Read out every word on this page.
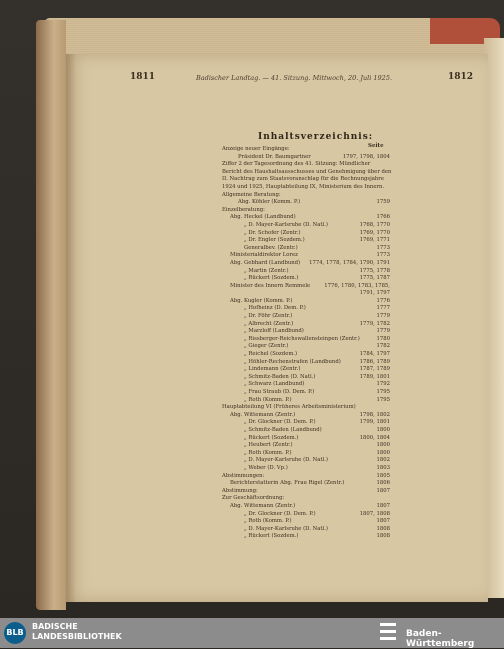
1811	Badischer Landtag. — 41. Sitzung. Mittwoch, 20. Juli 1925.	1812
Inhaltsverzeichnis:
Seite
Anzeige neuer Eingänge:
Präsident Dr. Baumgartner	1797, 1798, 1804
Ziffer 2 der Tagesordnung des 41. Sitzung: Mündlicher
Bericht des Haushaltsausschusses und Genehmigung über den
II. Nachtrag zum Staatsvoranschlag für die Rechnungsjahre
1924 und 1925, Hauptabteilung IX, Ministerium des Innern.
Allgemeine Beratung:
Abg. Köhler (Komm. P.)	1759
Einzelberatung:
Abg. Heckel (Landbund)	1766
„ D. Mayer-Karlsruhe (D. Natl.)	1768, 1770
„ Dr. Schofer (Zentr.)	1769, 1770
„ Dr. Engler (Sozdem.)	1769, 1771
Generalbev. (Zentr.)	1773
Ministerialdirektor Lorez	1773
Abg. Gebhard (Landbund) 1774, 1778, 1784, 1790, 1791
„ Martin (Zentr.)	1775, 1778
„ Rückert (Sozdem.)	1775, 1787
Minister des Innern Remmele	1776, 1780, 1783, 1785,
1791, 1797
Abg. Kugler (Komm. P.)	1776
„ Hofheinz (D. Dem. P.)	1777
„ Dr. Föhr (Zentr.)	1779
„ Albrecht (Zentr.)	1779, 1782
„ Marzloff (Landbund)	1779
„ Rissberger-Reichswallensteinpen (Zentr.)	1780
„ Gieger (Zentr.)	1782
„ Reichel (Sozdem.)	1784, 1797
„ Höhler-Rechenstrafen (Landbund)	1786, 1789
„ Lindemann (Zentr.)	1787, 1789
„ Schmitz-Baden (D. Natl.)	1789, 1801
„ Schwarz (Landbund)	1792
„ Frau Straub (D. Dem. P.)	1795
„ Roth (Komm. P.)	1795
Hauptabteilung VI (Früheres Arbeitsministerium)
Abg. Wittemann (Zentr.)	1798, 1802
„ Dr. Glockner (D. Dem. P.)	1799, 1801
„ Schmitz-Baden (Landbund)	1800
„ Rückert (Sozdem.)	1800, 1804
„ Heubert (Zentr.)	1800
„ Roth (Komm. P.)	1800
„ D. Mayer-Karlsruhe (D. Natl.)	1802
„ Weber (D. Vp.)	1803
Abstimmungen:	1805
Berichterstatterin Abg. Frau Rigel (Zentr.)	1806
Abstimmung:	1807
Zur Geschäftsordnung:
Abg. Wittemann (Zentr.)	1807
„ Dr. Glockner (D. Dem. P.)	1807, 1808
„ Roth (Komm. P.)	1807
„ D. Mayer-Karlsruhe (D. Natl.)	1808
„ Rückert (Sozdem.)	1808
BLB
BADISCHE
LANDESBIBLIOTHEK	Baden-Württemberg
